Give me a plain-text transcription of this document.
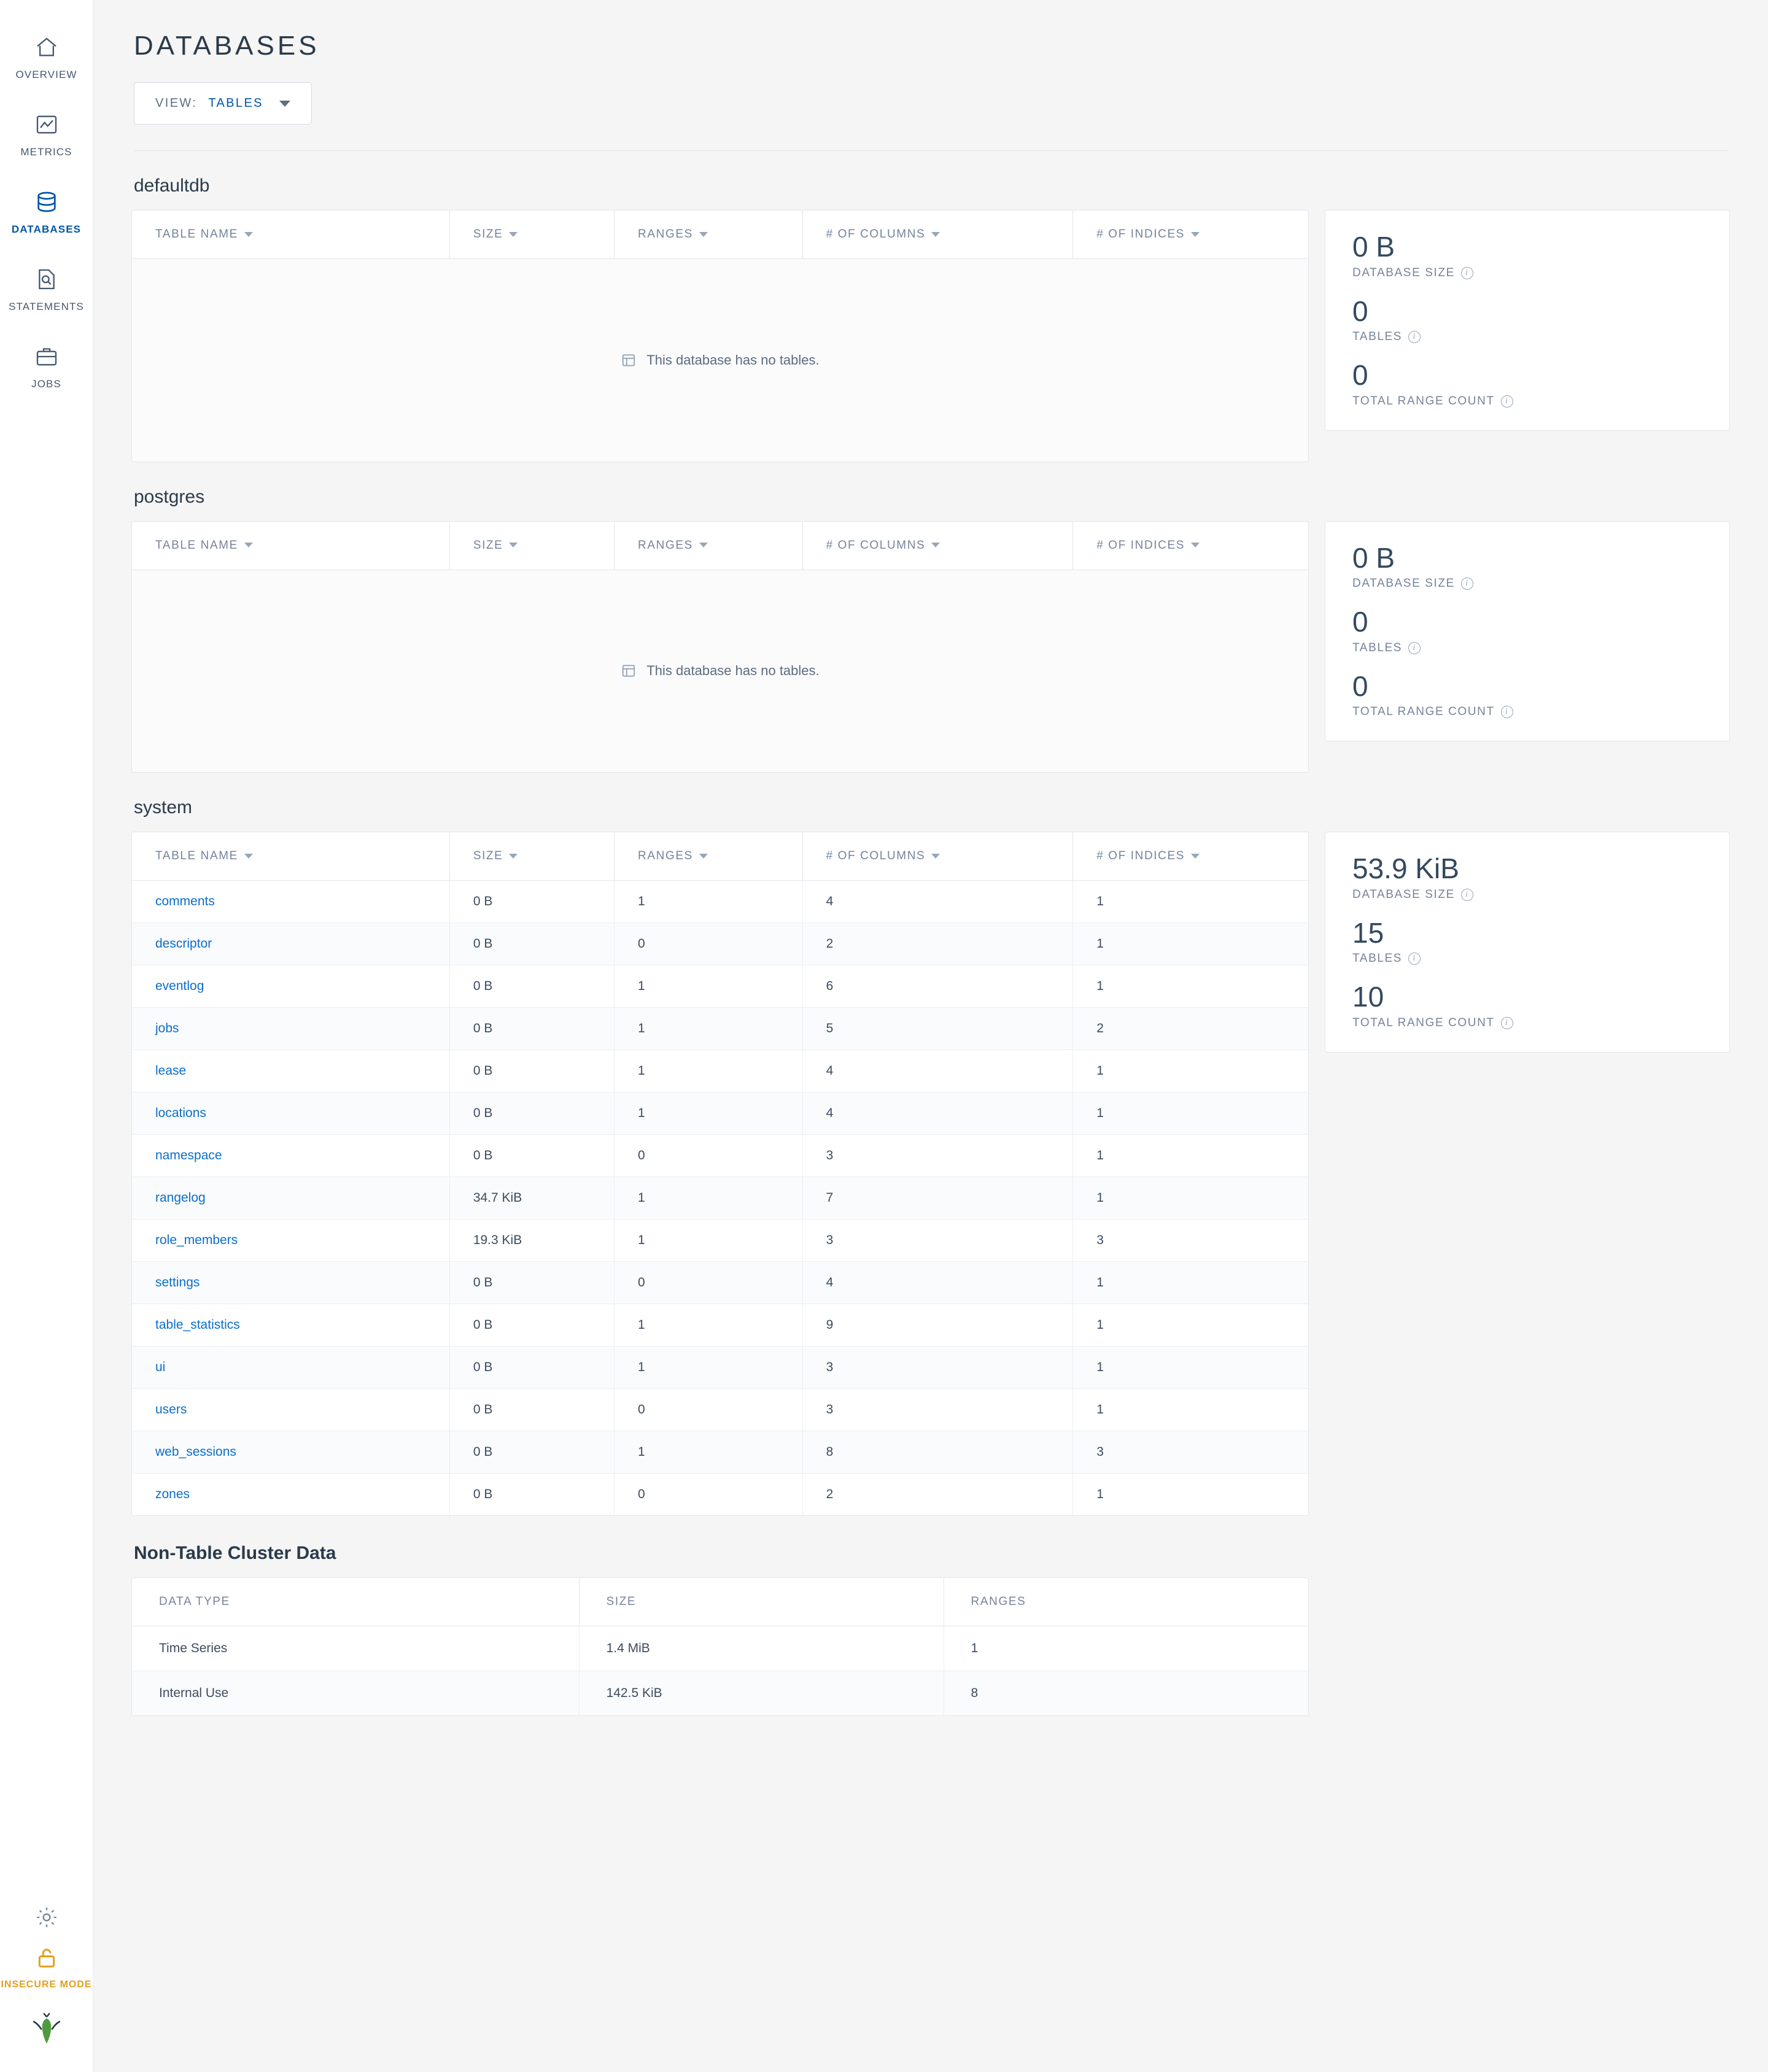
OVERVIEW
METRICS
DATABASES
STATEMENTS
JOBS
INSECURE MODE
DATABASES
VIEW: TABLES
defaultdb
TABLE NAME	SIZE	RANGES	# OF COLUMNS	# OF INDICES

This database has no tables.
0 B
DATABASE SIZE	i
0
TABLES	i
0
TOTAL RANGE COUNT	i
postgres
TABLE NAME	SIZE	RANGES	# OF COLUMNS	# OF INDICES

This database has no tables.
0 B
DATABASE SIZE	i
0
TABLES	i
0
TOTAL RANGE COUNT	i
system
TABLE NAME	SIZE	RANGES	# OF COLUMNS	# OF INDICES
comments	0 B	1	4	1
descriptor	0 B	0	2	1
eventlog	0 B	1	6	1
jobs	0 B	1	5	2
lease	0 B	1	4	1
locations	0 B	1	4	1
namespace	0 B	0	3	1
rangelog	34.7 KiB	1	7	1
role_members	19.3 KiB	1	3	3
settings	0 B	0	4	1
table_statistics	0 B	1	9	1
ui	0 B	1	3	1
users	0 B	0	3	1
web_sessions	0 B	1	8	3
zones	0 B	0	2	1
53.9 KiB
DATABASE SIZE	i
15
TABLES	i
10
TOTAL RANGE COUNT	i
Non-Table Cluster Data
DATA TYPE	SIZE	RANGES
Time Series	1.4 MiB	1
Internal Use	142.5 KiB	8
